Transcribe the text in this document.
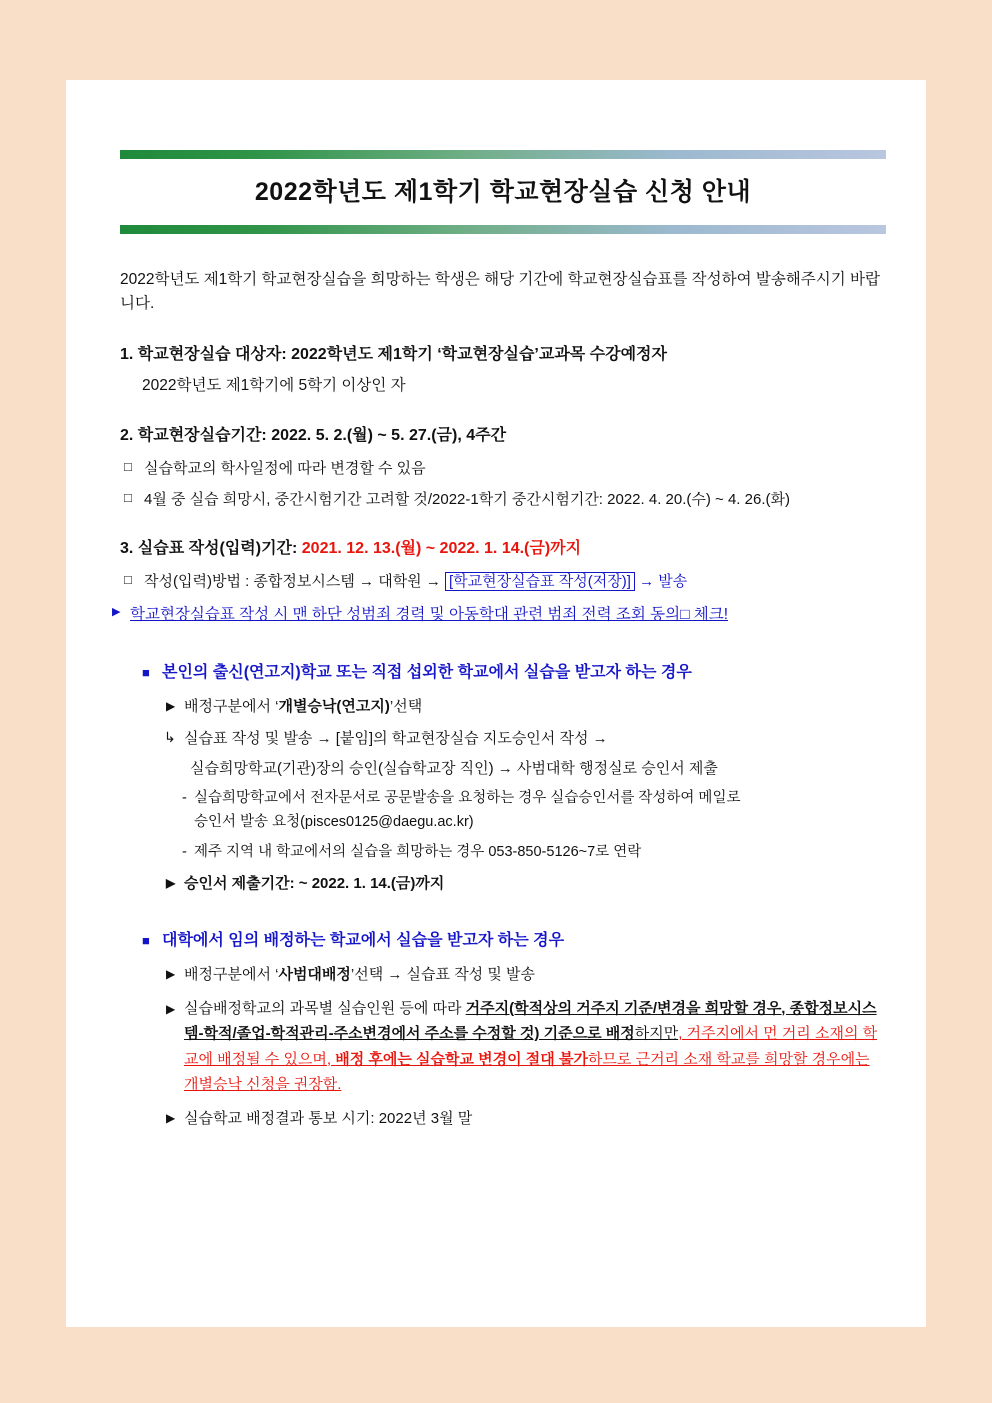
2022학년도 제1학기 학교현장실습 신청 안내
2022학년도 제1학기 학교현장실습을 희망하는 학생은 해당 기간에 학교현장실습표를 작성하여 발송해주시기 바랍니다.
1. 학교현장실습 대상자: 2022학년도 제1학기 ‘학교현장실습’교과목 수강예정자
2022학년도 제1학기에 5학기 이상인 자
2. 학교현장실습기간: 2022. 5. 2.(월) ~ 5. 27.(금), 4주간
□ 실습학교의 학사일정에 따라 변경할 수 있음
□ 4월 중 실습 희망시, 중간시험기간 고려할 것/2022-1학기 중간시험기간: 2022. 4. 20.(수) ~ 4. 26.(화)
3. 실습표 작성(입력)기간: 2021. 12. 13.(월) ~ 2022. 1. 14.(금)까지
□ 작성(입력)방법 : 종합정보시스템 → 대학원 → [학교현장실습표 작성(저장)] → 발송
▶ 학교현장실습표 작성 시 맨 하단 성범죄 경력 및 아동학대 관련 범죄 전력 조회 동의□ 체크!
■ 본인의 출신(연고지)학교 또는 직접 섭외한 학교에서 실습을 받고자 하는 경우
▶ 배정구분에서 ‘개별승낙(연고지)’선택
↳ 실습표 작성 및 발송 → [붙임]의 학교현장실습 지도승인서 작성 →
실습희망학교(기관)장의 승인(실습학교장 직인) → 사범대학 행정실로 승인서 제출
- 실습희망학교에서 전자문서로 공문발송을 요청하는 경우 실습승인서를 작성하여 메일로
승인서 발송 요청(pisces0125@daegu.ac.kr)
- 제주 지역 내 학교에서의 실습을 희망하는 경우 053-850-5126~7로 연락
▶ 승인서 제출기간: ~ 2022. 1. 14.(금)까지
■ 대학에서 임의 배정하는 학교에서 실습을 받고자 하는 경우
▶ 배정구분에서 ‘사범대배정’선택 → 실습표 작성 및 발송
▶ 실습배정학교의 과목별 실습인원 등에 따라 거주지(학적상의 거주지 기준/변경을 희망할 경우, 종합정보시스템-학적/졸업-학적관리-주소변경에서 주소를 수정할 것) 기준으로 배정하지만, 거주지에서 먼 거리 소재의 학교에 배정될 수 있으며, 배정 후에는 실습학교 변경이 절대 불가하므로 근거리 소재 학교를 희망할 경우에는 개별승낙 신청을 권장함.
▶ 실습학교 배정결과 통보 시기: 2022년 3월 말
